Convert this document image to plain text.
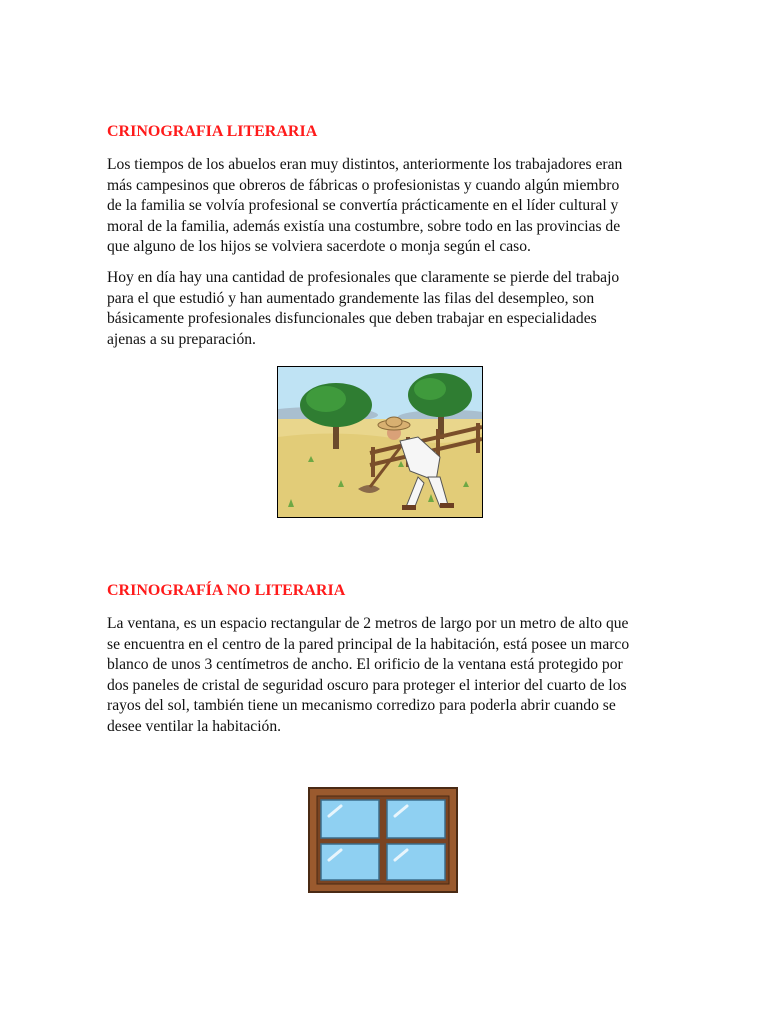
CRINOGRAFIA LITERARIA

Los tiempos de los abuelos eran muy distintos, anteriormente los trabajadores eran
más campesinos que obreros de fábricas o profesionistas y cuando algún miembro
de la familia se volvía profesional se convertía prácticamente en el líder cultural y
moral de la familia, además existía una costumbre, sobre todo en las provincias de
que alguno de los hijos se volviera sacerdote o monja según el caso.

Hoy en día hay una cantidad de profesionales que claramente se pierde del trabajo
para el que estudió y han aumentado grandemente las filas del desempleo, son
básicamente profesionales disfuncionales que deben trabajar en especialidades
ajenas a su preparación.

CRINOGRAFÍA NO LITERARIA

La ventana, es un espacio rectangular de 2 metros de largo por un metro de alto que
se encuentra en el centro de la pared principal de la habitación, está posee un marco
blanco de unos 3 centímetros de ancho. El orificio de la ventana está protegido por
dos paneles de cristal de seguridad oscuro para proteger el interior del cuarto de los
rayos del sol, también tiene un mecanismo corredizo para poderla abrir cuando se
desee ventilar la habitación.
